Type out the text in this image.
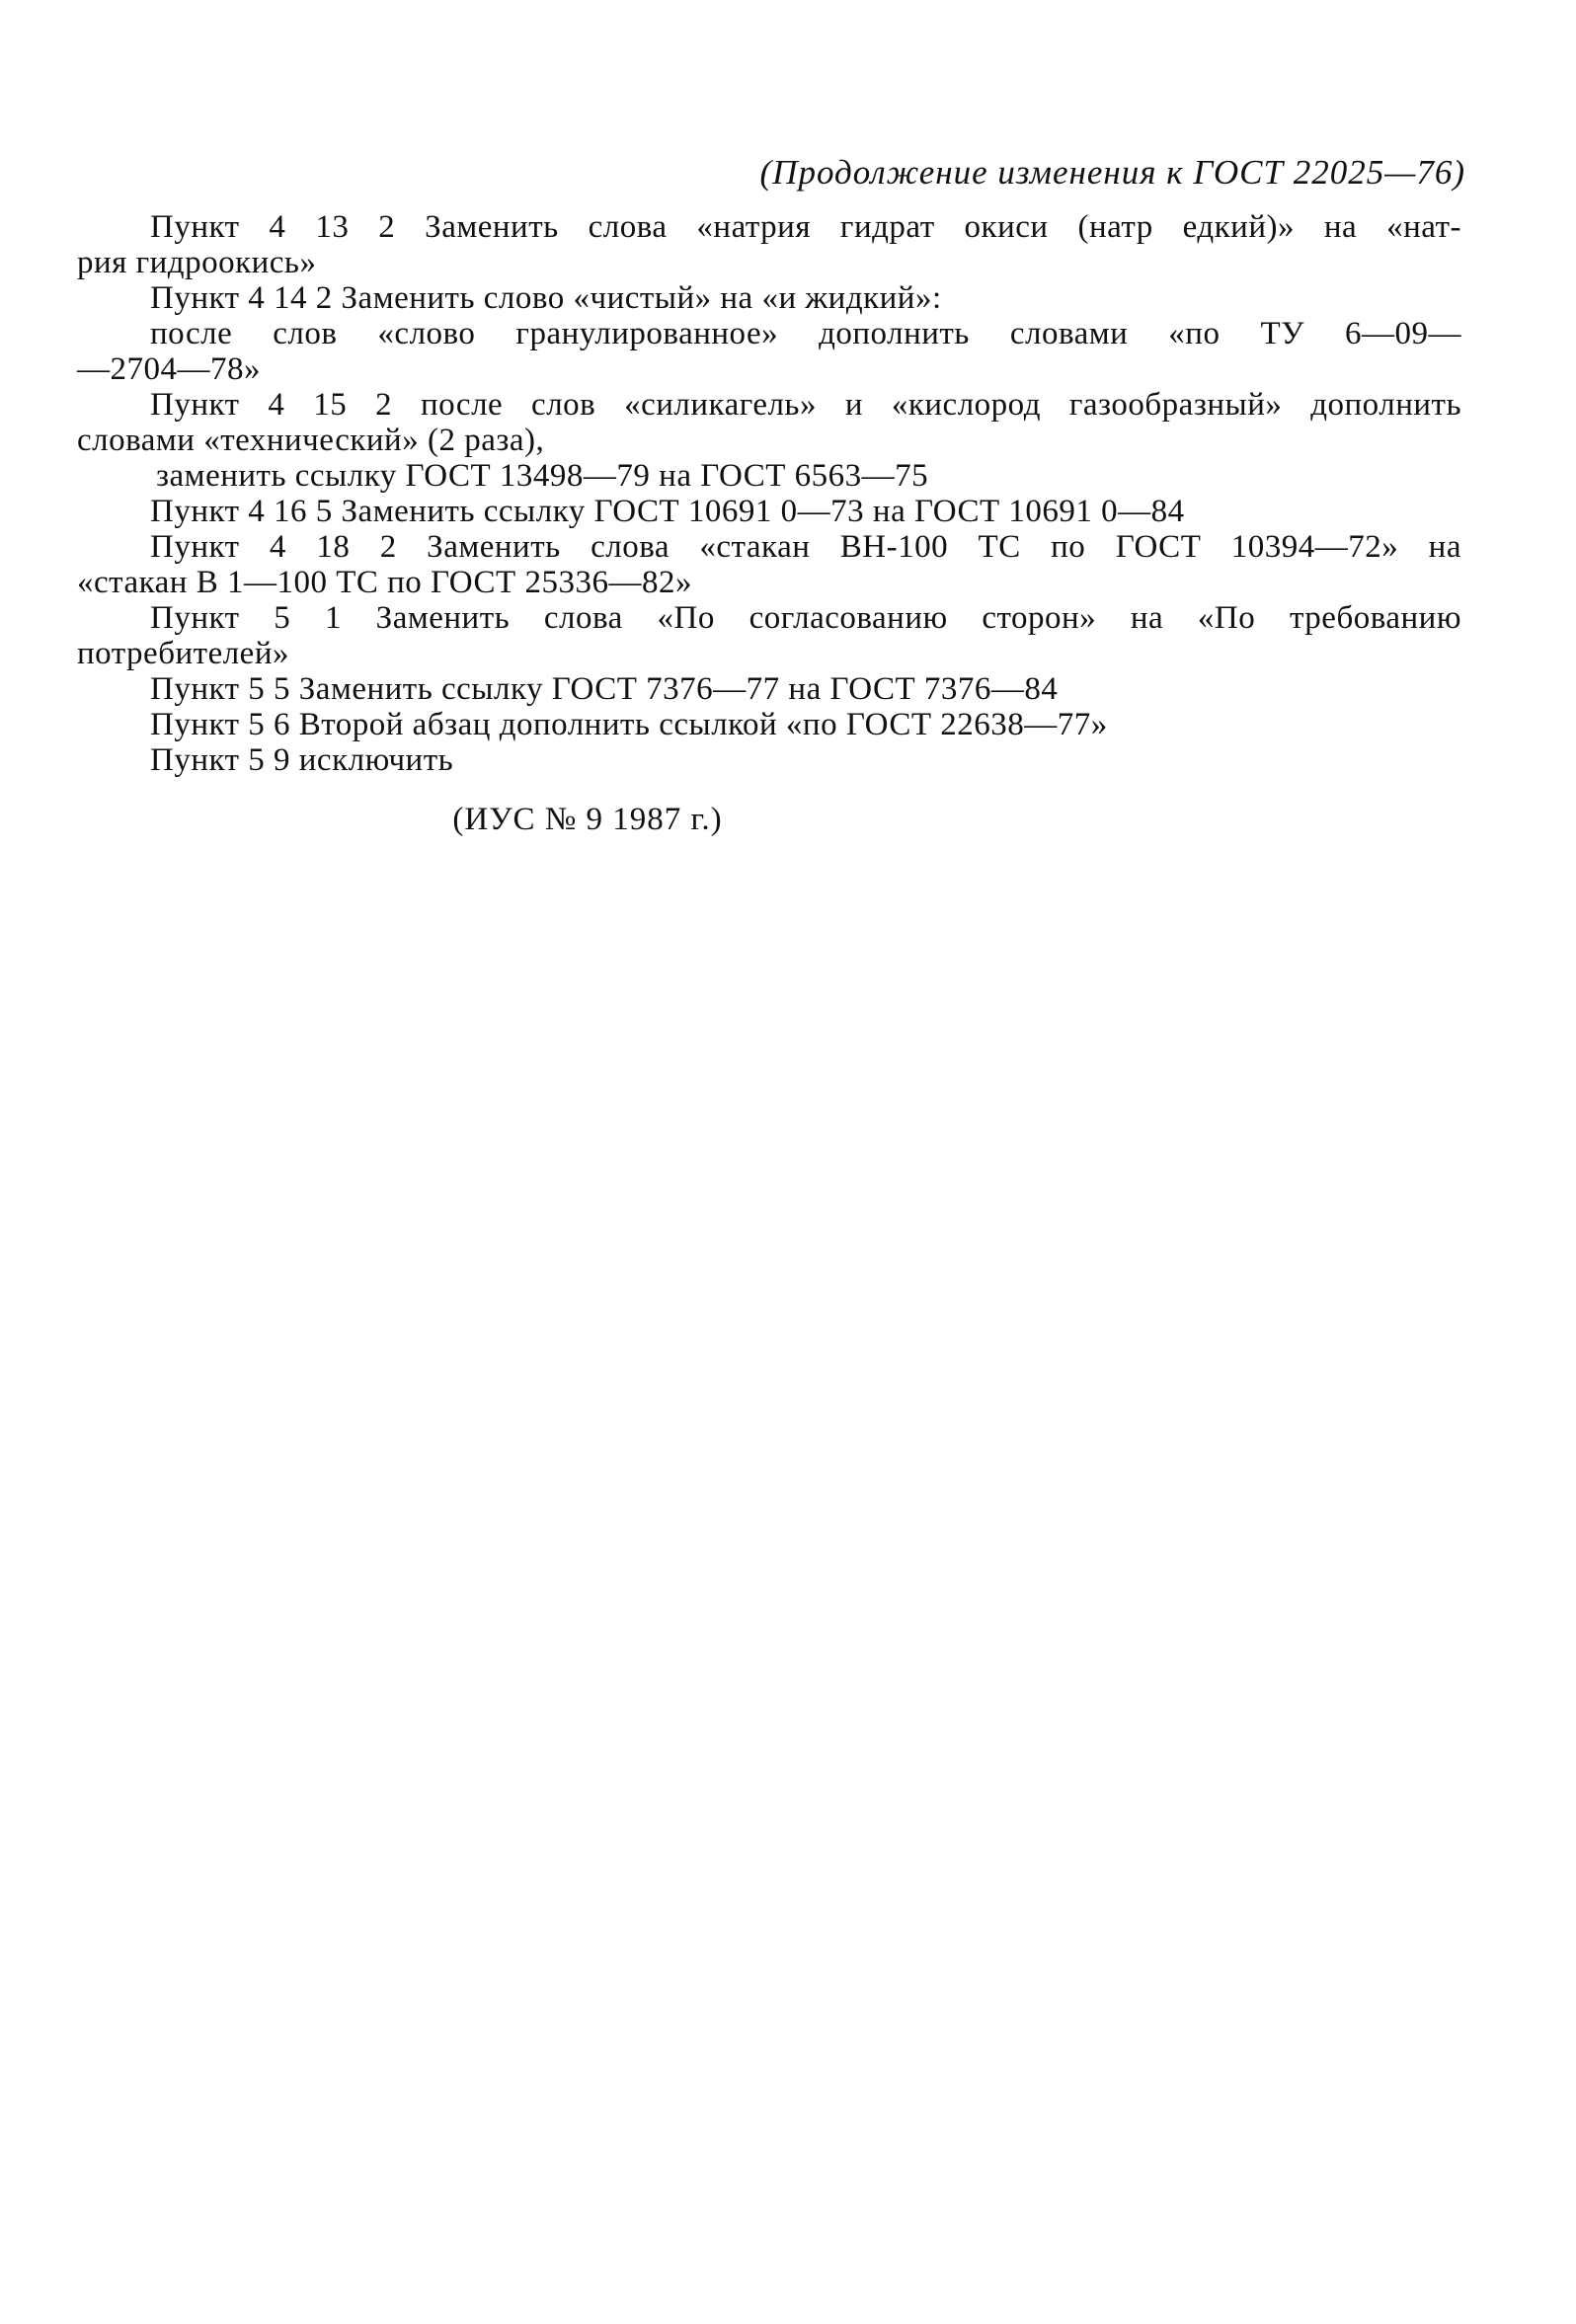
(Продолжение изменения к ГОСТ 22025—76)
Пункт 4 13 2 Заменить слова «натрия гидрат окиси (натр едкий)» на «нат-
рия гидроокись»
Пункт 4 14 2 Заменить слово «чистый» на «и жидкий»:
после слов «слово гранулированное» дополнить словами «по ТУ 6—09—
—2704—78»
Пункт 4 15 2 после слов «силикагель» и «кислород газообразный» дополнить
словами «технический» (2 раза),
заменить ссылку ГОСТ 13498—79 на ГОСТ 6563—75
Пункт 4 16 5 Заменить ссылку ГОСТ 10691 0—73 на ГОСТ 10691 0—84
Пункт 4 18 2 Заменить слова «стакан ВН-100 ТС по ГОСТ 10394—72» на
«стакан В 1—100 ТС по ГОСТ 25336—82»
Пункт 5 1 Заменить слова «По согласованию сторон» на «По требованию
потребителей»
Пункт 5 5 Заменить ссылку ГОСТ 7376—77 на ГОСТ 7376—84
Пункт 5 6 Второй абзац дополнить ссылкой «по ГОСТ 22638—77»
Пункт 5 9 исключить
(ИУС № 9 1987 г.)
